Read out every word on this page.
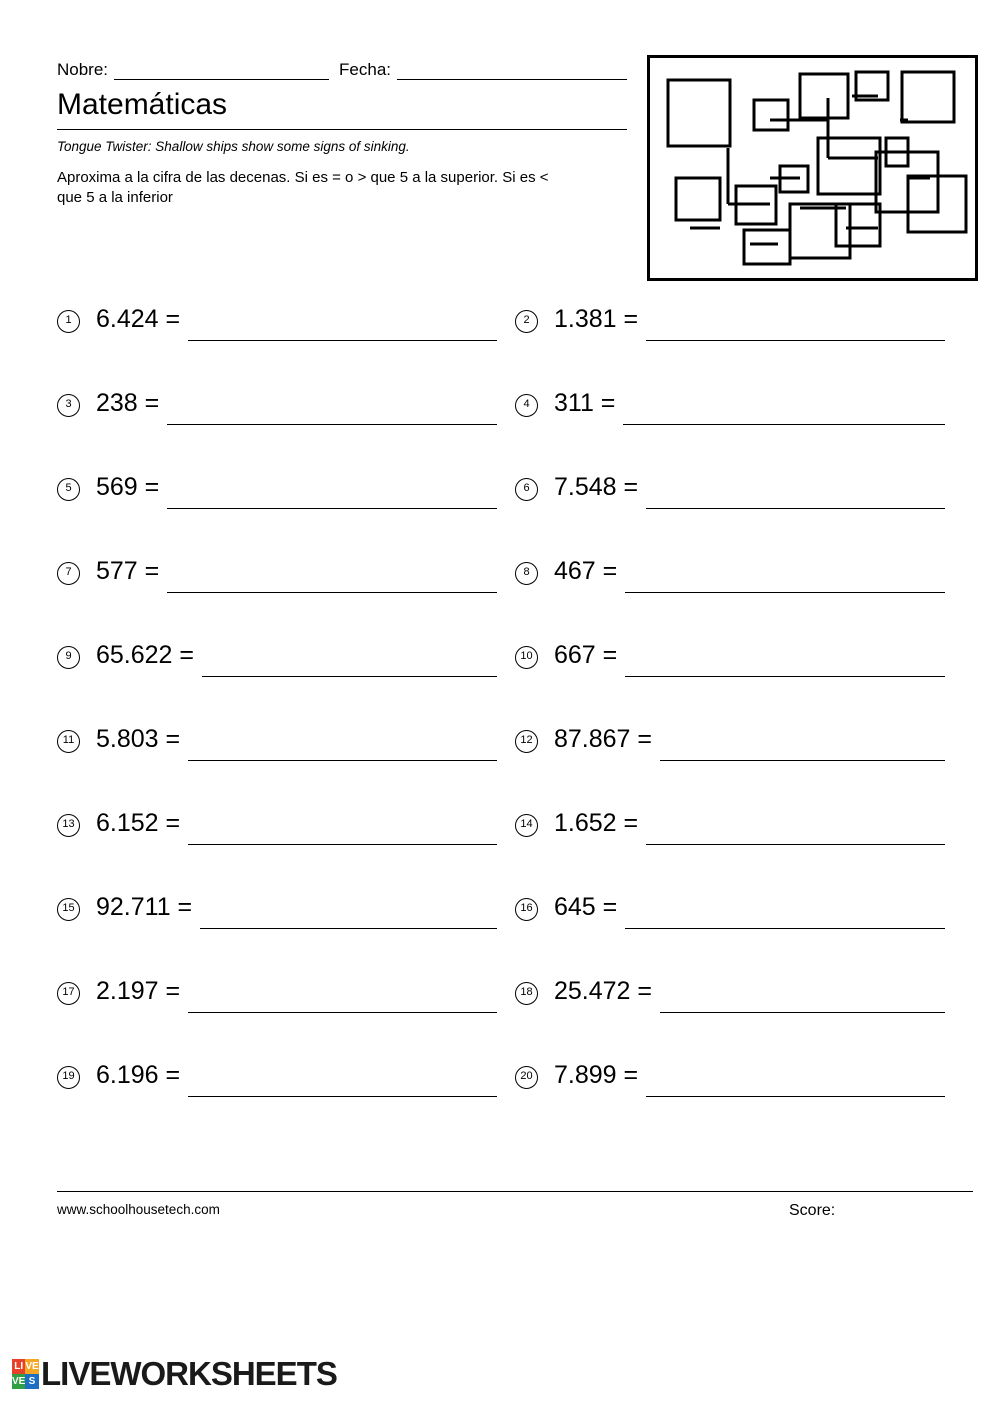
Nobre:	Fecha:
Matemáticas
Tongue Twister: Shallow ships show some signs of sinking.
Aproxima a la cifra de las decenas. Si es = o > que 5 a la superior. Si es < que 5 a la inferior
1 6.424 =	2 1.381 =
3 238 =	4 311 =
5 569 =	6 7.548 =
7 577 =	8 467 =
9 65.622 =	10 667 =
11 5.803 =	12 87.867 =
13 6.152 =	14 1.652 =
15 92.711 =	16 645 =
17 2.197 =	18 25.472 =
19 6.196 =	20 7.899 =
www.schoolhousetech.com	Score:
LI VE
VE S LIVEWORKSHEETS
